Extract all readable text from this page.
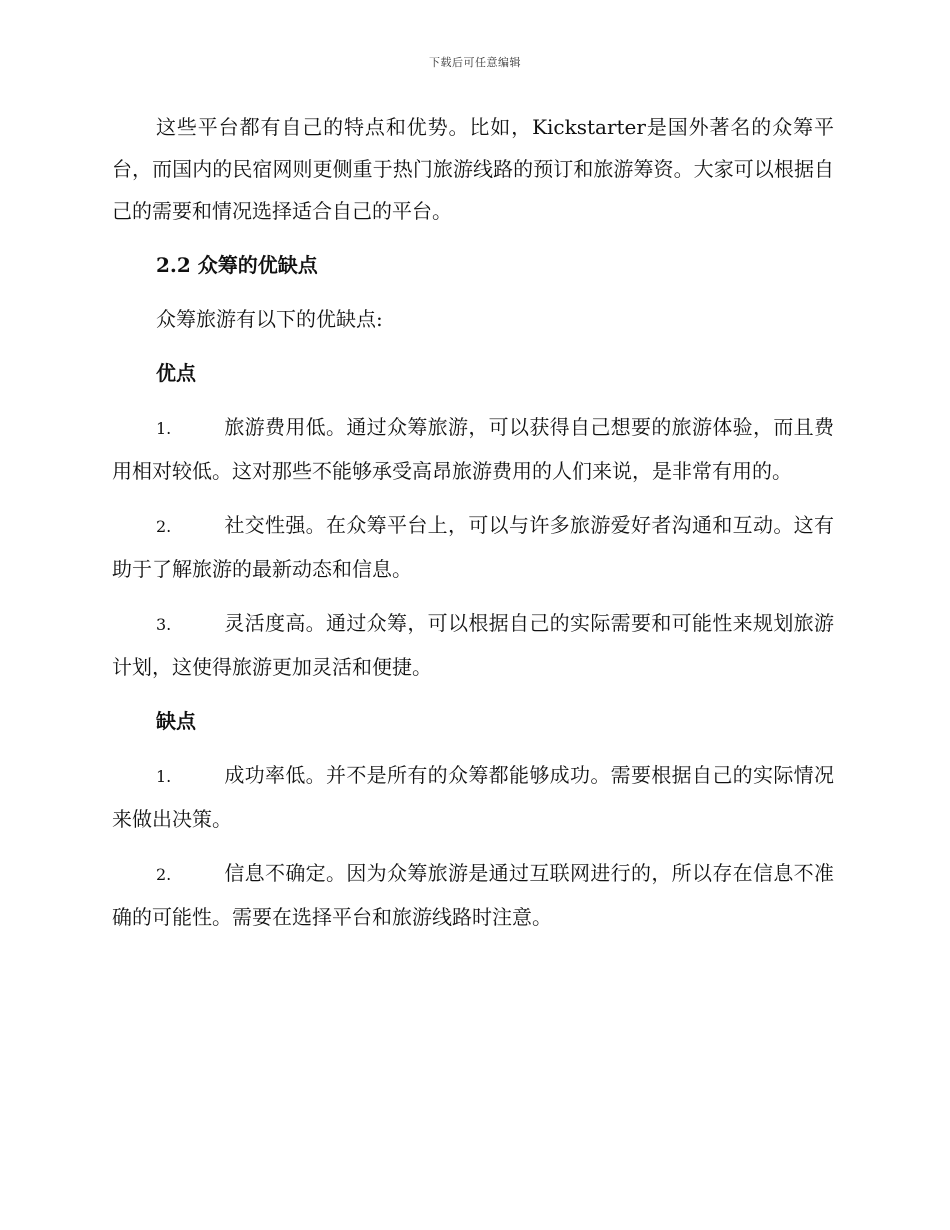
下载后可任意编辑

这些平台都有自己的特点和优势。比如，Kickstarter是国外著名的众筹平台，而国内的民宿网则更侧重于热门旅游线路的预订和旅游筹资。大家可以根据自己的需要和情况选择适合自己的平台。

2.2 众筹的优缺点

众筹旅游有以下的优缺点:

优点

1.	旅游费用低。通过众筹旅游，可以获得自己想要的旅游体验，而且费用相对较低。这对那些不能够承受高昂旅游费用的人们来说，是非常有用的。

2.	社交性强。在众筹平台上，可以与许多旅游爱好者沟通和互动。这有助于了解旅游的最新动态和信息。

3.	灵活度高。通过众筹，可以根据自己的实际需要和可能性来规划旅游计划，这使得旅游更加灵活和便捷。

缺点

1.	成功率低。并不是所有的众筹都能够成功。需要根据自己的实际情况来做出决策。

2.	信息不确定。因为众筹旅游是通过互联网进行的，所以存在信息不准确的可能性。需要在选择平台和旅游线路时注意。
